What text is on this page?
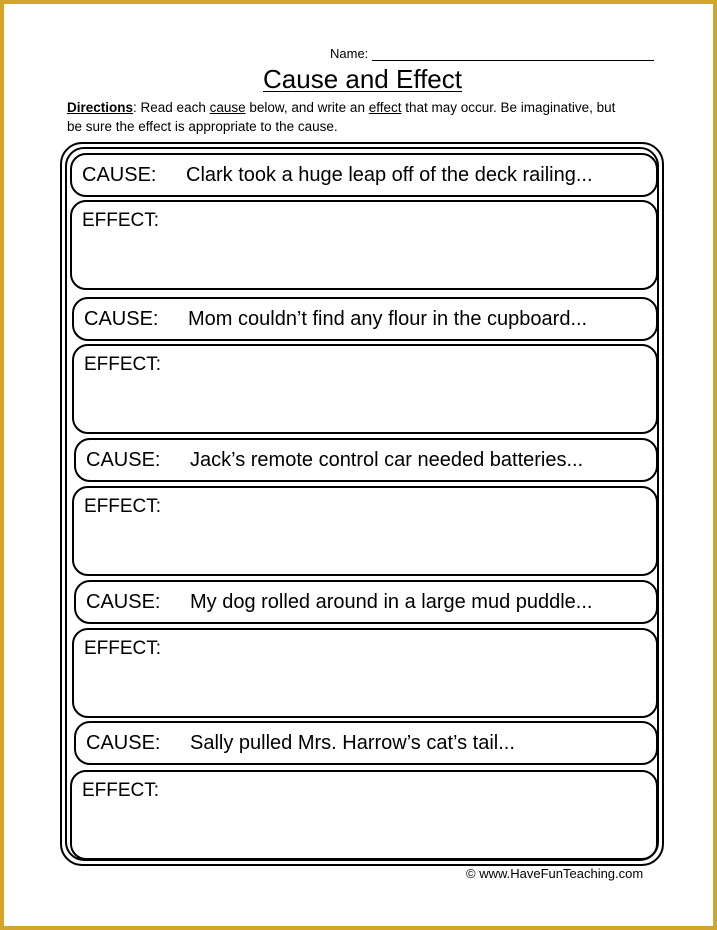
Name:
Cause and Effect
Directions: Read each cause below, and write an effect that may occur. Be imaginative, but be sure the effect is appropriate to the cause.
CAUSE: Clark took a huge leap off of the deck railing...
EFFECT:
CAUSE: Mom couldn’t find any flour in the cupboard...
EFFECT:
CAUSE: Jack’s remote control car needed batteries...
EFFECT:
CAUSE: My dog rolled around in a large mud puddle...
EFFECT:
CAUSE: Sally pulled Mrs. Harrow’s cat’s tail...
EFFECT:
© www.HaveFunTeaching.com
